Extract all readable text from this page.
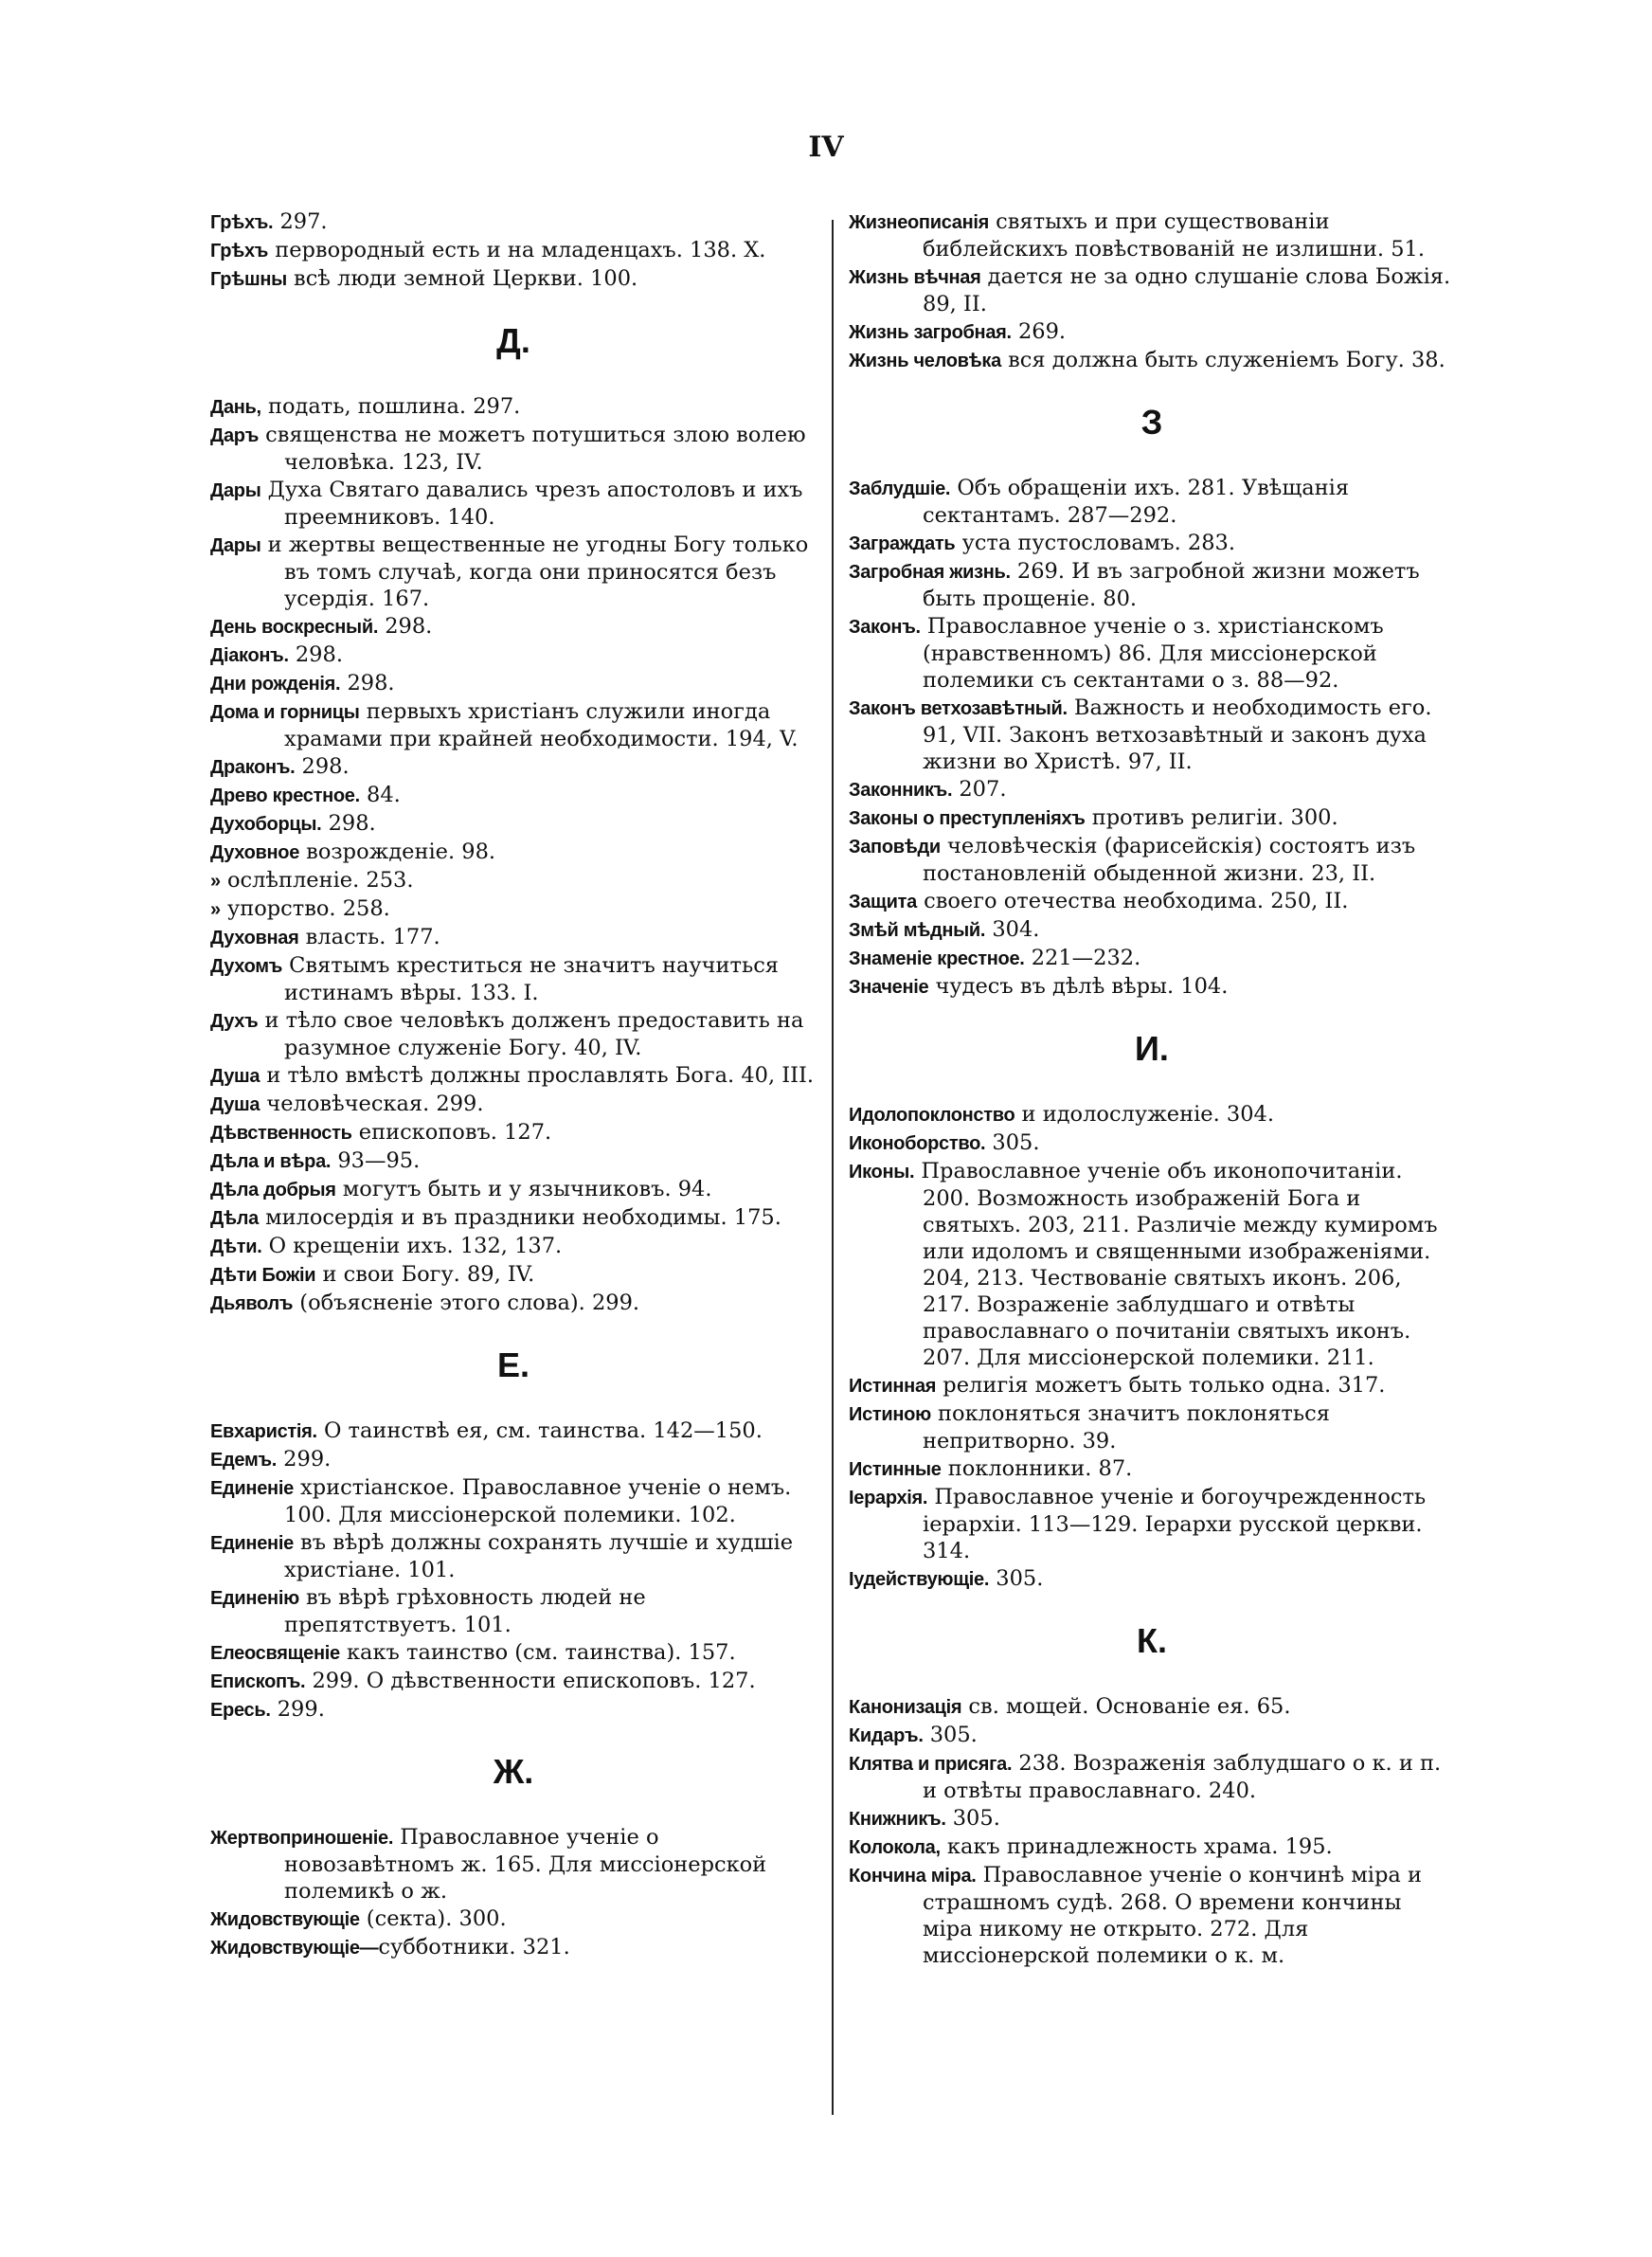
IV
Грѣхъ. 297.
Грѣхъ первородный есть и на младенцахъ. 138. X.
Грѣшны всѣ люди земной Церкви. 100.
Д.
Дань, подать, пошлина. 297.
Даръ священства не можетъ потушиться злою волею человѣка. 123, IV.
Дары Духа Святаго давались чрезъ апостоловъ и ихъ преемниковъ. 140.
Дары и жертвы вещественные не угодны Богу только въ томъ случаѣ, когда они приносятся безъ усердія. 167.
День воскресный. 298.
Діаконъ. 298.
Дни рожденія. 298.
Дома и горницы первыхъ христіанъ служили иногда храмами при крайней необходимости. 194, V.
Драконъ. 298.
Древо крестное. 84.
Духоборцы. 298.
Духовное возрожденіе. 98.
» ослѣпленіе. 253.
» упорство. 258.
Духовная власть. 177.
Духомъ Святымъ креститься не значитъ научиться истинамъ вѣры. 133. I.
Духъ и тѣло свое человѣкъ долженъ предоставить на разумное служеніе Богу. 40, IV.
Душа и тѣло вмѣстѣ должны прославлять Бога. 40, III.
Душа человѣческая. 299.
Дѣвственность епископовъ. 127.
Дѣла и вѣра. 93—95.
Дѣла добрыя могутъ быть и у язычниковъ. 94.
Дѣла милосердія и въ праздники необходимы. 175.
Дѣти. О крещеніи ихъ. 132, 137.
Дѣти Божіи и свои Богу. 89, IV.
Дьяволъ (объясненіе этого слова). 299.
Е.
Евхаристія. О таинствѣ ея, см. таинства. 142—150.
Едемъ. 299.
Единеніе христіанское. Православное ученіе о немъ. 100. Для миссіонерской полемики. 102.
Единеніе въ вѣрѣ должны сохранять лучшіе и худшіе христіане. 101.
Единенію въ вѣрѣ грѣховность людей не препятствуетъ. 101.
Елеосвященіе какъ таинство (см. таинства). 157.
Епископъ. 299. О дѣвственности епископовъ. 127.
Ересь. 299.
Ж.
Жертвоприношеніе. Православное ученіе о новозавѣтномъ ж. 165. Для миссіонерской полемикѣ о ж.
Жидовствующіе (секта). 300.
Жидовствующіе—субботники. 321.
Жизнеописанія святыхъ и при существованіи библейскихъ повѣствованій не излишни. 51.
Жизнь вѣчная дается не за одно слушаніе слова Божія. 89, II.
Жизнь загробная. 269.
Жизнь человѣка вся должна быть служеніемъ Богу. 38.
З
Заблудшіе. Объ обращеніи ихъ. 281. Увѣщанія сектантамъ. 287—292.
Заграждать уста пустословамъ. 283.
Загробная жизнь. 269. И въ загробной жизни можетъ быть прощеніе. 80.
Законъ. Православное ученіе о з. христіанскомъ (нравственномъ) 86. Для миссіонерской полемики съ сектантами о з. 88—92.
Законъ ветхозавѣтный. Важность и необходимость его. 91, VII. Законъ ветхозавѣтный и законъ духа жизни во Христѣ. 97, II.
Законникъ. 207.
Законы о преступленіяхъ противъ религіи. 300.
Заповѣди человѣческія (фарисейскія) состоятъ изъ постановленій обыденной жизни. 23, II.
Защита своего отечества необходима. 250, II.
Змѣй мѣдный. 304.
Знаменіе крестное. 221—232.
Значеніе чудесъ въ дѣлѣ вѣры. 104.
И.
Идолопоклонство и идолослуженіе. 304.
Иконоборство. 305.
Иконы. Православное ученіе объ иконопочитаніи. 200. Возможность изображеній Бога и святыхъ. 203, 211. Различіе между кумиромъ или идоломъ и священными изображеніями. 204, 213. Чествованіе святыхъ иконъ. 206, 217. Возраженіе заблудшаго и отвѣты православнаго о почитаніи святыхъ иконъ. 207. Для миссіонерской полемики. 211.
Истинная религія можетъ быть только одна. 317.
Истиною поклоняться значитъ поклоняться непритворно. 39.
Истинные поклонники. 87.
Іерархія. Православное ученіе и богоучрежденность іерархіи. 113—129. Іерархи русской церкви. 314.
Іудействующіе. 305.
К.
Канонизація св. мощей. Основаніе ея. 65.
Кидаръ. 305.
Клятва и присяга. 238. Возраженія заблудшаго о к. и п. и отвѣты православнаго. 240.
Книжникъ. 305.
Колокола, какъ принадлежность храма. 195.
Кончина міра. Православное ученіе о кончинѣ міра и страшномъ судѣ. 268. О времени кончины міра никому не открыто. 272. Для миссіонерской полемики о к. м.
